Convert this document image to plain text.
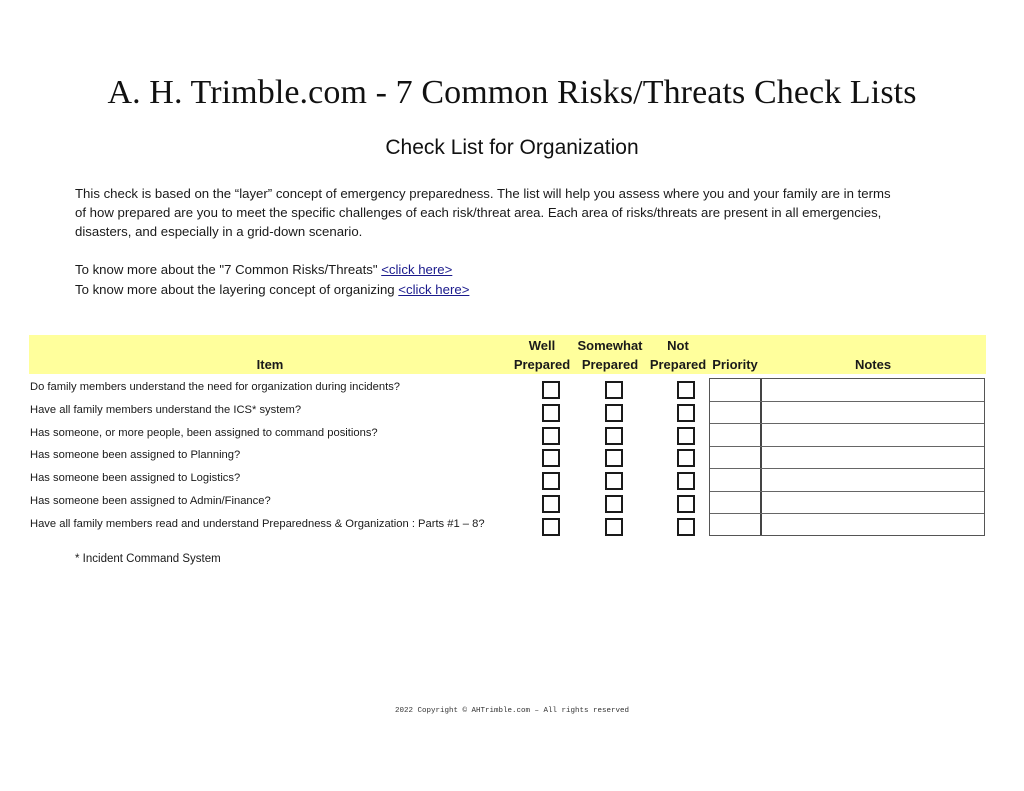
A. H. Trimble.com - 7 Common Risks/Threats Check Lists
Check List for Organization
This check is based on the “layer” concept of emergency preparedness. The list will help you assess where you and your family are in terms
of how prepared are you to meet the specific challenges of each risk/threat area. Each area of risks/threats are present in all emergencies,
disasters, and especially in a grid-down scenario.
To know more about the "7 Common Risks/Threats" <click here>
To know more about the layering concept of organizing <click here>
Item
Well
Prepared
Somewhat
Prepared
Not
Prepared Priority	Notes
Do family members understand the need for organization during incidents?
Have all family members understand the ICS* system?
Has someone, or more people, been assigned to command positions?
Has someone been assigned to Planning?
Has someone been assigned to Logistics?
Has someone been assigned to Admin/Finance?
Have all family members read and understand Preparedness & Organization : Parts #1 – 8?
* Incident Command System
2022 Copyright © AHTrimble.com – All rights reserved
